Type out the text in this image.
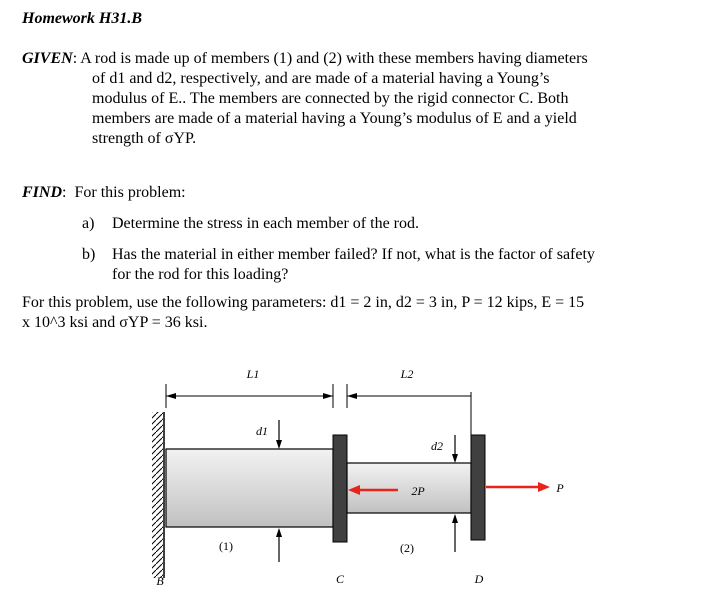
Homework H31.B

GIVEN: A rod is made up of members (1) and (2) with these members having diameters

of d1 and d2, respectively, and are made of a material having a Young’s

modulus of E.. The members are connected by the rigid connector C. Both

members are made of a material having a Young’s modulus of E and a yield

strength of σYP.

FIND:  For this problem:
a) Determine the stress in each member of the rod.
b) Has the material in either member failed? If not, what is the factor of safety
for the rod for this loading?
For this problem, use the following parameters: d1 = 2 in, d2 = 3 in, P = 12 kips, E = 15
x 10^3 ksi and σYP = 36 ksi.
L1	L2
d1
d2
2P	P
(1)	(2)
B	C	D
